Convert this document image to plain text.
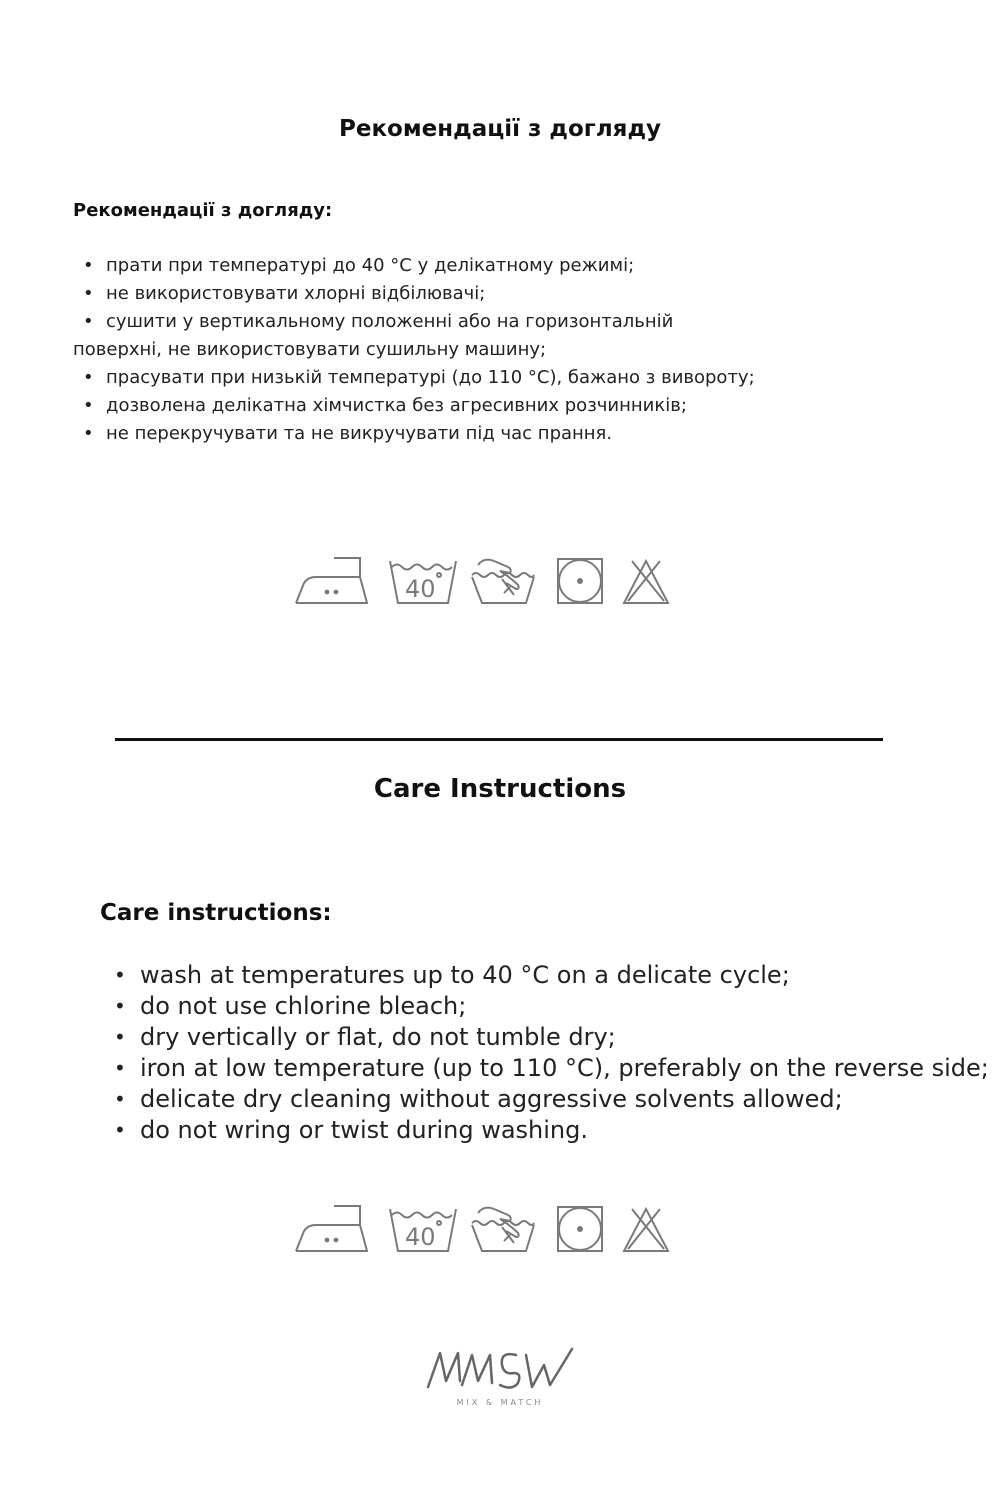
Рекомендації з догляду
Рекомендації з догляду:
• прати при температурі до 40 °С у делікатному режимі;
• не використовувати хлорні відбілювачі;
• сушити у вертикальному положенні або на горизонтальній
поверхні, не використовувати сушильну машину;
• прасувати при низькій температурі (до 110 °С), бажано з вивороту;
• дозволена делікатна хімчистка без агресивних розчинників;
• не перекручувати та не викручувати під час прання.
40
Care Instructions
Care instructions:
• wash at temperatures up to 40 °C on a delicate cycle;
• do not use chlorine bleach;
• dry vertically or flat, do not tumble dry;
• iron at low temperature (up to 110 °C), preferably on the reverse side;
• delicate dry cleaning without aggressive solvents allowed;
• do not wring or twist during washing.
40
MIX & MATCH
